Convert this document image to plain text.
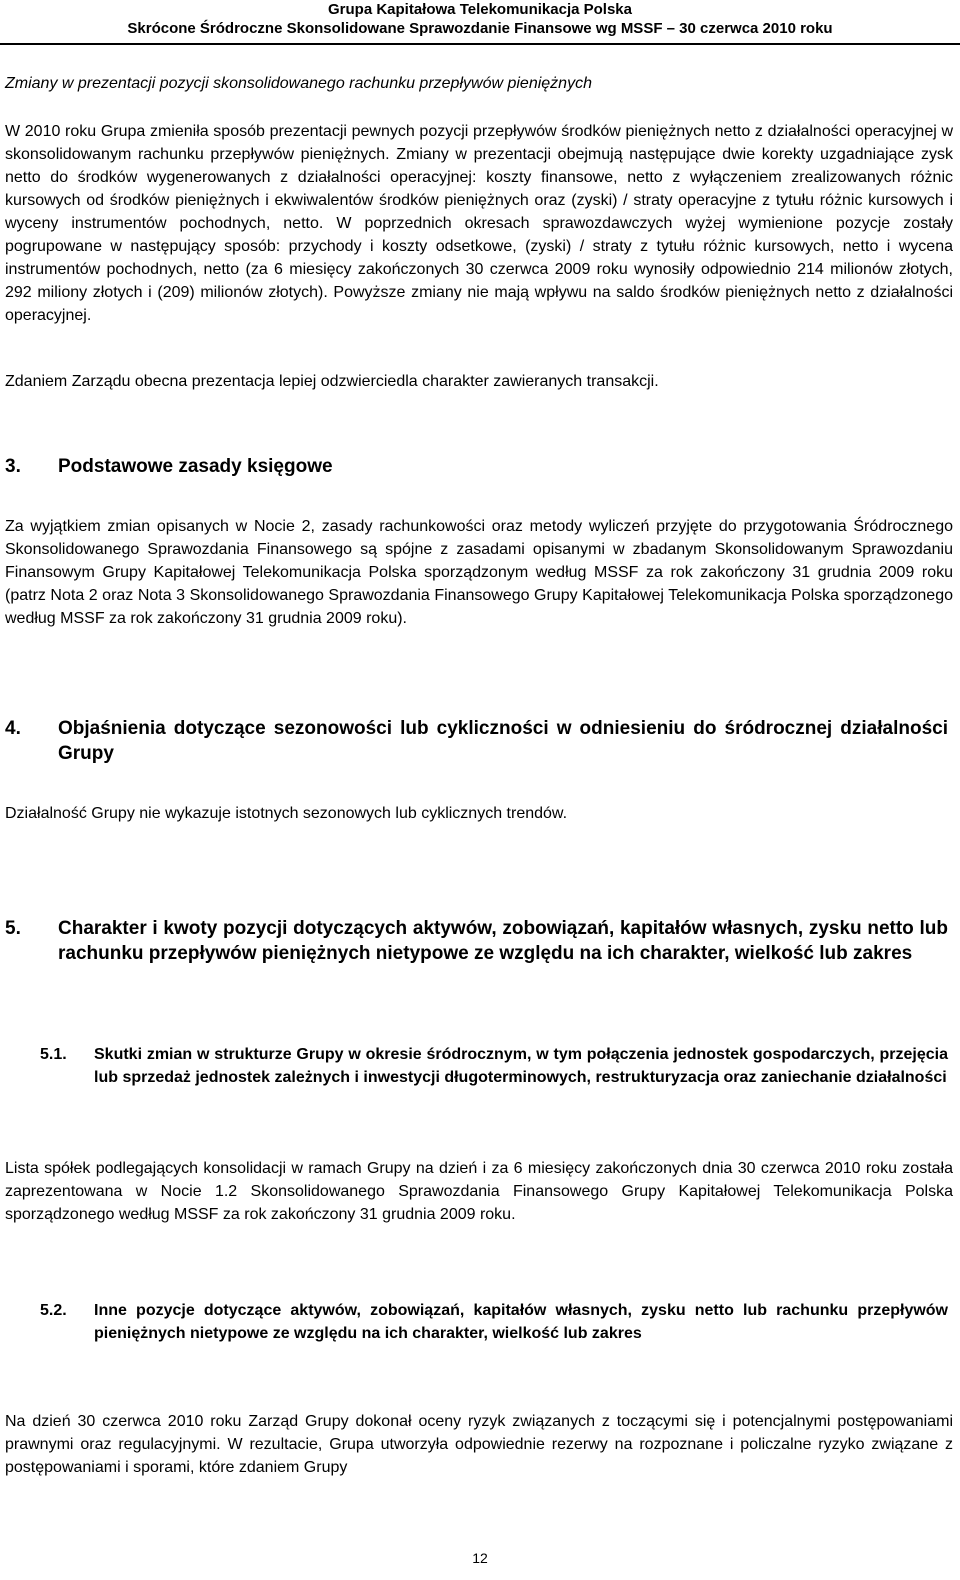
Grupa Kapitałowa Telekomunikacja Polska
Skrócone Śródroczne Skonsolidowane Sprawozdanie Finansowe wg MSSF – 30 czerwca 2010 roku
Zmiany w prezentacji pozycji skonsolidowanego rachunku przepływów pieniężnych
W 2010 roku Grupa zmieniła sposób prezentacji pewnych pozycji przepływów środków pieniężnych netto z działalności operacyjnej w skonsolidowanym rachunku przepływów pieniężnych. Zmiany w prezentacji obejmują następujące dwie korekty uzgadniające zysk netto do środków wygenerowanych z działalności operacyjnej: koszty finansowe, netto z wyłączeniem zrealizowanych różnic kursowych od środków pieniężnych i ekwiwalentów środków pieniężnych oraz (zyski) / straty operacyjne z tytułu różnic kursowych i wyceny instrumentów pochodnych, netto. W poprzednich okresach sprawozdawczych wyżej wymienione pozycje zostały pogrupowane w następujący sposób: przychody i koszty odsetkowe, (zyski) / straty z tytułu różnic kursowych, netto i wycena instrumentów pochodnych, netto (za 6 miesięcy zakończonych 30 czerwca 2009 roku wynosiły odpowiednio 214 milionów złotych, 292 miliony złotych i (209) milionów złotych). Powyższe zmiany nie mają wpływu na saldo środków pieniężnych netto z działalności operacyjnej.
Zdaniem Zarządu obecna prezentacja lepiej odzwierciedla charakter zawieranych transakcji.
3.	Podstawowe zasady księgowe
Za wyjątkiem zmian opisanych w Nocie 2, zasady rachunkowości oraz metody wyliczeń przyjęte do przygotowania Śródrocznego Skonsolidowanego Sprawozdania Finansowego są spójne z zasadami opisanymi w zbadanym Skonsolidowanym Sprawozdaniu Finansowym Grupy Kapitałowej Telekomunikacja Polska sporządzonym według MSSF za rok zakończony 31 grudnia 2009 roku (patrz Nota 2 oraz Nota 3 Skonsolidowanego Sprawozdania Finansowego Grupy Kapitałowej Telekomunikacja Polska sporządzonego według MSSF za rok zakończony 31 grudnia 2009 roku).
4.	Objaśnienia dotyczące sezonowości lub cykliczności w odniesieniu do śródrocznej działalności Grupy
Działalność Grupy nie wykazuje istotnych sezonowych lub cyklicznych trendów.
5.	Charakter i kwoty pozycji dotyczących aktywów, zobowiązań, kapitałów własnych, zysku netto lub rachunku przepływów pieniężnych nietypowe ze względu na ich charakter, wielkość lub zakres
5.1.	Skutki zmian w strukturze Grupy w okresie śródrocznym, w tym połączenia jednostek gospodarczych, przejęcia lub sprzedaż jednostek zależnych i inwestycji długoterminowych, restrukturyzacja oraz zaniechanie działalności
Lista spółek podlegających konsolidacji w ramach Grupy na dzień i za 6 miesięcy zakończonych dnia 30 czerwca 2010 roku została zaprezentowana w Nocie 1.2 Skonsolidowanego Sprawozdania Finansowego Grupy Kapitałowej Telekomunikacja Polska sporządzonego według MSSF za rok zakończony 31 grudnia 2009 roku.
5.2.	Inne pozycje dotyczące aktywów, zobowiązań, kapitałów własnych, zysku netto lub rachunku przepływów pieniężnych nietypowe ze względu na ich charakter, wielkość lub zakres
Na dzień 30 czerwca 2010 roku Zarząd Grupy dokonał oceny ryzyk związanych z toczącymi się i potencjalnymi postępowaniami prawnymi oraz regulacyjnymi. W rezultacie, Grupa utworzyła odpowiednie rezerwy na rozpoznane i policzalne ryzyko związane z postępowaniami i sporami, które zdaniem Grupy
12
